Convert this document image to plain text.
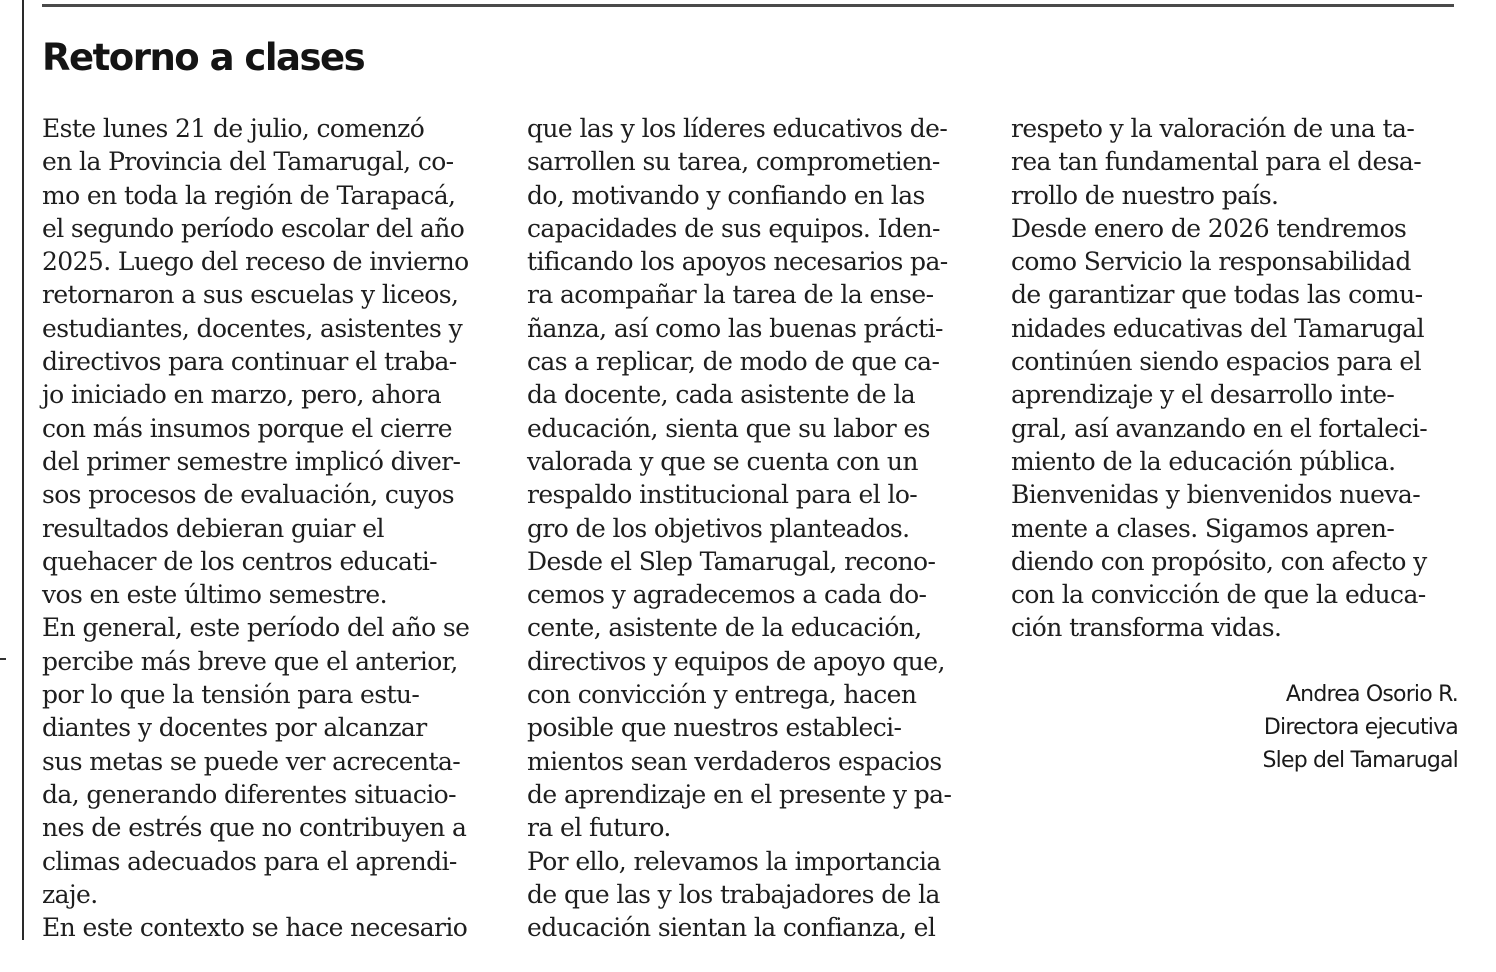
Retorno a clases
Este lunes 21 de julio, comenzó
en la Provincia del Tamarugal, co-
mo en toda la región de Tarapacá,
el segundo período escolar del año
2025. Luego del receso de invierno
retornaron a sus escuelas y liceos,
estudiantes, docentes, asistentes y
directivos para continuar el traba-
jo iniciado en marzo, pero, ahora
con más insumos porque el cierre
del primer semestre implicó diver-
sos procesos de evaluación, cuyos
resultados debieran guiar el
quehacer de los centros educati-
vos en este último semestre.
En general, este período del año se
percibe más breve que el anterior,
por lo que la tensión para estu-
diantes y docentes por alcanzar
sus metas se puede ver acrecenta-
da, generando diferentes situacio-
nes de estrés que no contribuyen a
climas adecuados para el aprendi-
zaje.
En este contexto se hace necesario
que las y los líderes educativos de-
sarrollen su tarea, comprometien-
do, motivando y confiando en las
capacidades de sus equipos. Iden-
tificando los apoyos necesarios pa-
ra acompañar la tarea de la ense-
ñanza, así como las buenas prácti-
cas a replicar, de modo de que ca-
da docente, cada asistente de la
educación, sienta que su labor es
valorada y que se cuenta con un
respaldo institucional para el lo-
gro de los objetivos planteados.
Desde el Slep Tamarugal, recono-
cemos y agradecemos a cada do-
cente, asistente de la educación,
directivos y equipos de apoyo que,
con convicción y entrega, hacen
posible que nuestros estableci-
mientos sean verdaderos espacios
de aprendizaje en el presente y pa-
ra el futuro.
Por ello, relevamos la importancia
de que las y los trabajadores de la
educación sientan la confianza, el
respeto y la valoración de una ta-
rea tan fundamental para el desa-
rrollo de nuestro país.
Desde enero de 2026 tendremos
como Servicio la responsabilidad
de garantizar que todas las comu-
nidades educativas del Tamarugal
continúen siendo espacios para el
aprendizaje y el desarrollo inte-
gral, así avanzando en el fortaleci-
miento de la educación pública.
Bienvenidas y bienvenidos nueva-
mente a clases. Sigamos apren-
diendo con propósito, con afecto y
con la convicción de que la educa-
ción transforma vidas.
Andrea Osorio R.
Directora ejecutiva
Slep del Tamarugal
